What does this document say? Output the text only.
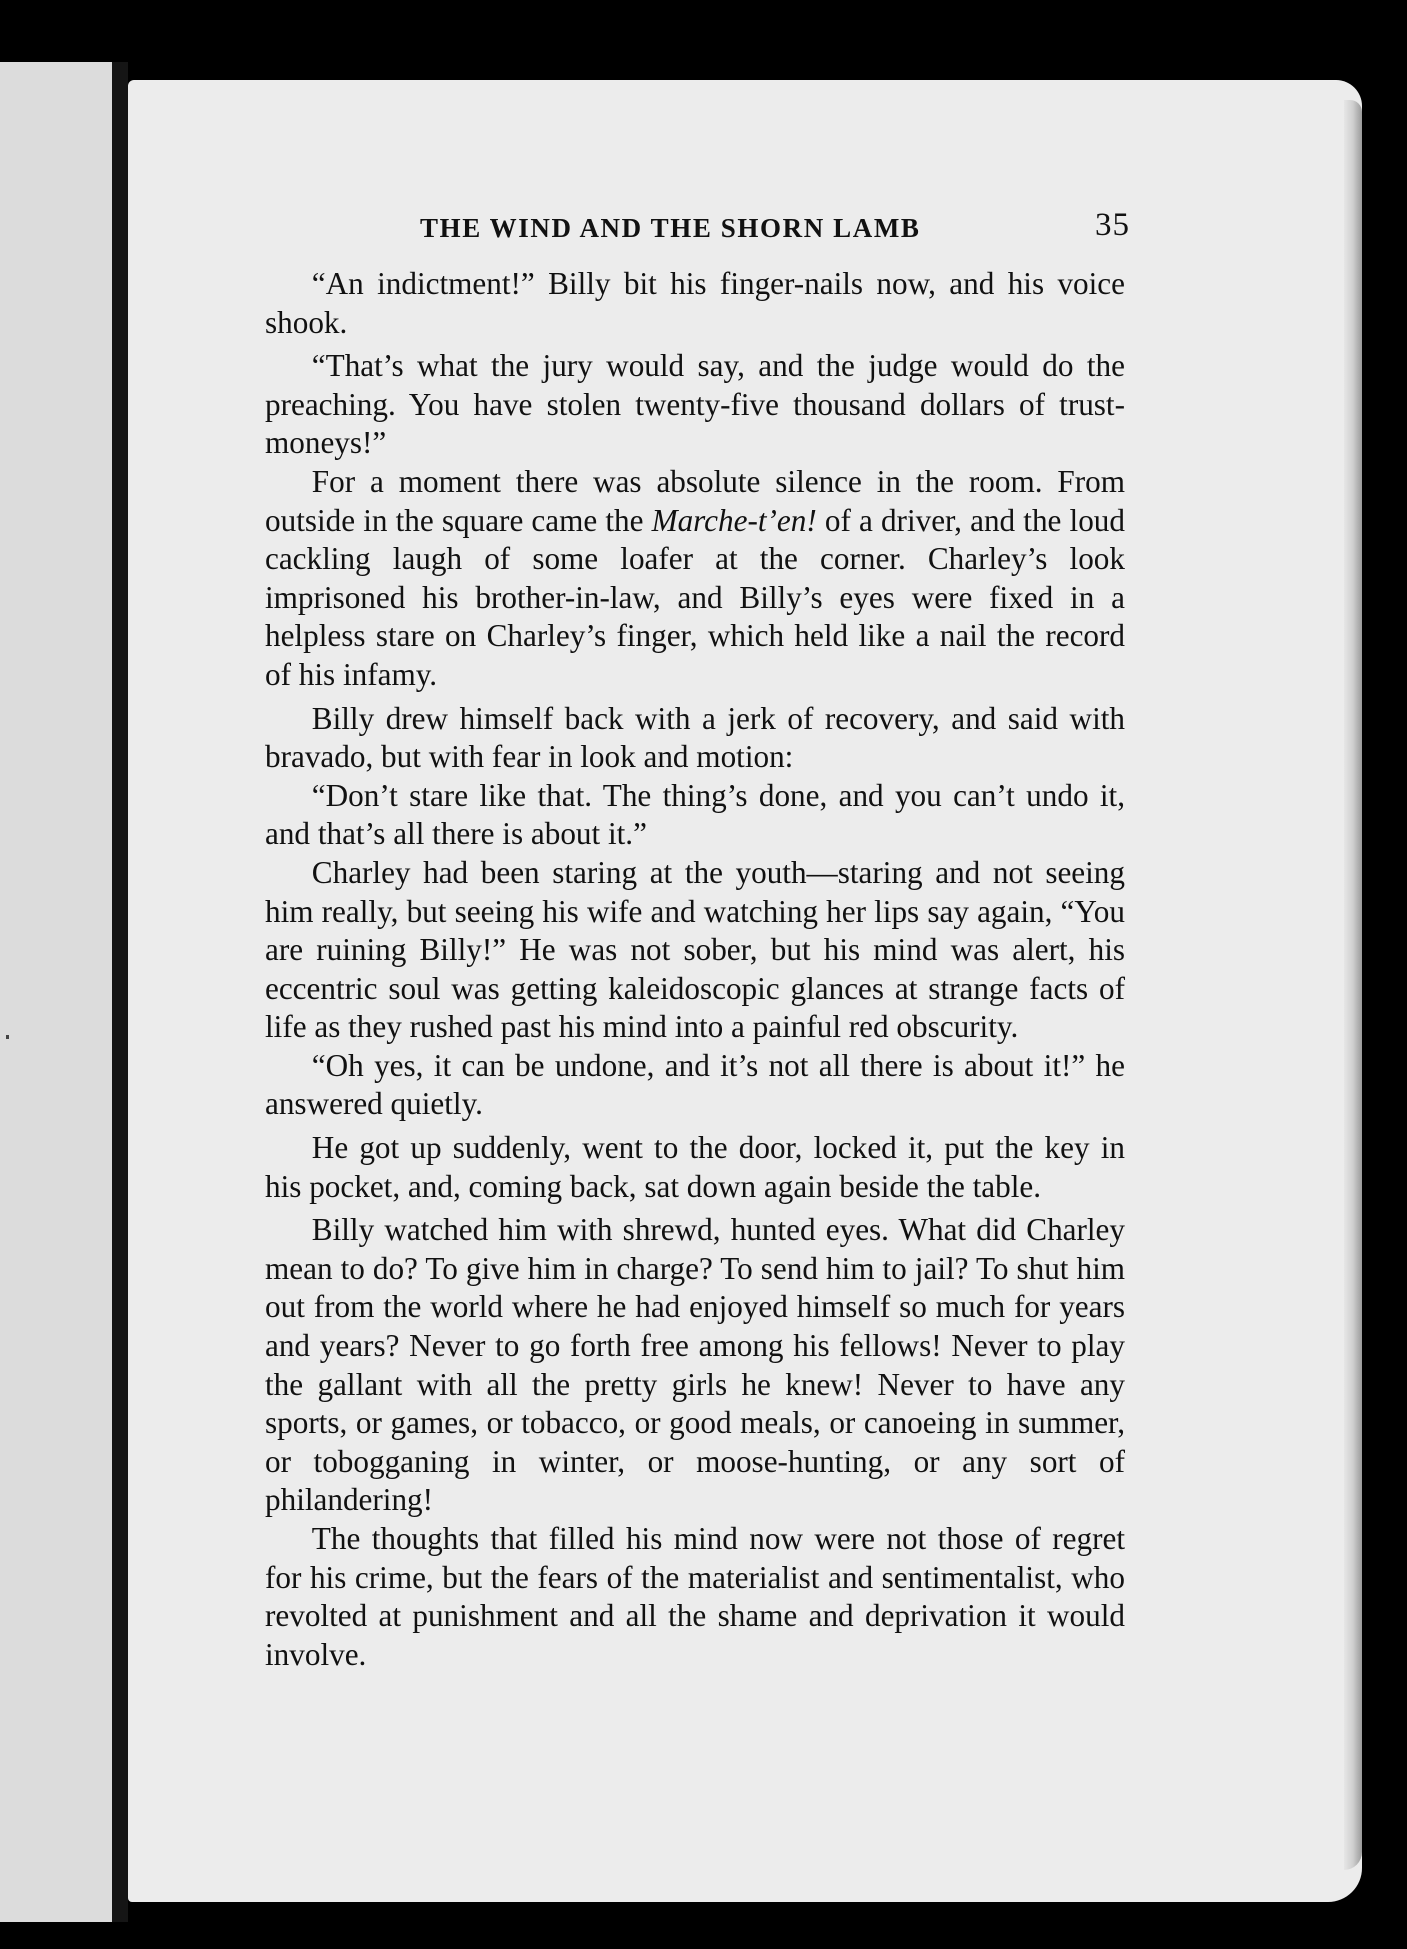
THE WIND AND THE SHORN LAMB	35

“An indictment!” Billy bit his finger-nails now, and his voice shook.

“That’s what the jury would say, and the judge would do the preaching. You have stolen twenty-five thousand dollars of trust-moneys!”

For a moment there was absolute silence in the room. From outside in the square came the Marche-t’en! of a driver, and the loud cackling laugh of some loafer at the corner. Charley’s look imprisoned his brother-in-law, and Billy’s eyes were fixed in a helpless stare on Charley’s finger, which held like a nail the record of his infamy.

Billy drew himself back with a jerk of recovery, and said with bravado, but with fear in look and motion:

“Don’t stare like that. The thing’s done, and you can’t undo it, and that’s all there is about it.”

Charley had been staring at the youth—staring and not seeing him really, but seeing his wife and watching her lips say again, “You are ruining Billy!” He was not sober, but his mind was alert, his eccentric soul was getting kaleidoscopic glances at strange facts of life as they rushed past his mind into a painful red obscurity.

“Oh yes, it can be undone, and it’s not all there is about it!” he answered quietly.

He got up suddenly, went to the door, locked it, put the key in his pocket, and, coming back, sat down again beside the table.

Billy watched him with shrewd, hunted eyes. What did Charley mean to do? To give him in charge? To send him to jail? To shut him out from the world where he had enjoyed himself so much for years and years? Never to go forth free among his fellows! Never to play the gallant with all the pretty girls he knew! Never to have any sports, or games, or tobacco, or good meals, or canoeing in summer, or tobogganing in winter, or moose-hunting, or any sort of philandering!

The thoughts that filled his mind now were not those of regret for his crime, but the fears of the materialist and sentimentalist, who revolted at punishment and all the shame and deprivation it would involve.
